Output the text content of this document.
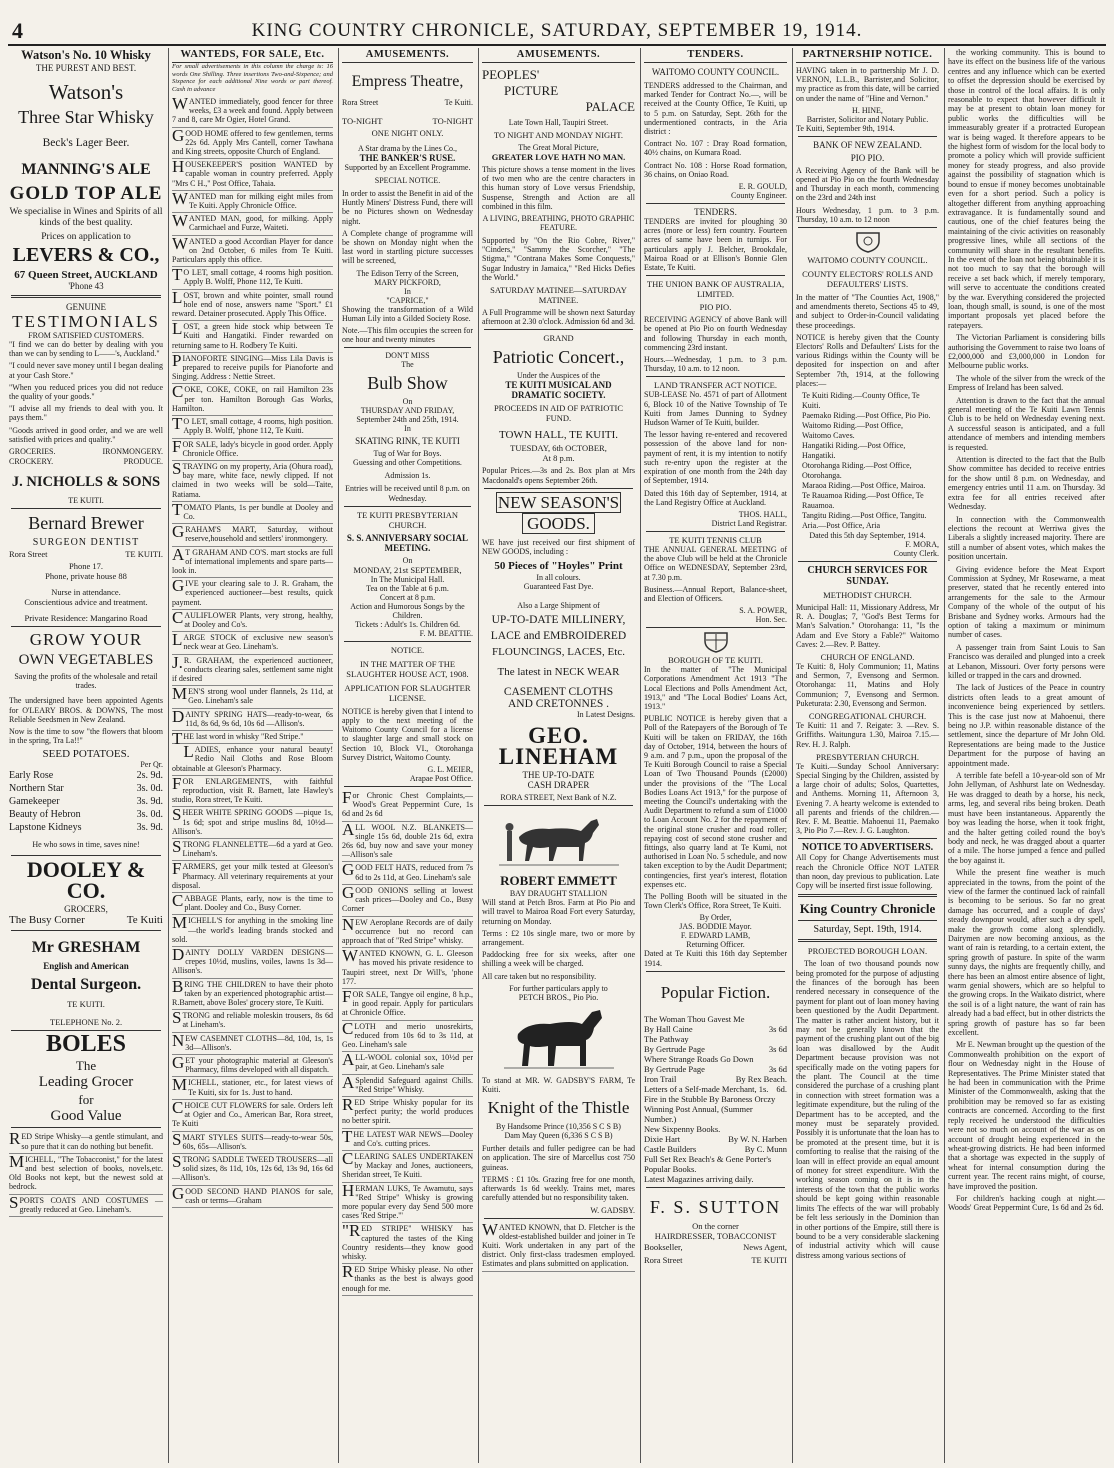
4	KING COUNTRY CHRONICLE, SATURDAY, SEPTEMBER 19, 1914.
Watson's No. 10 Whisky
THE PUREST AND BEST.
Watson's
Three Star Whisky
Beck's Lager Beer.
MANNING'S ALE
GOLD TOP ALE

We specialise in Wines and Spirits of all kinds of the best quality.

Prices on application to
LEVERS & CO.,
67 Queen Street, AUCKLAND
'Phone 43
GENUINE
TESTIMONIALS
FROM SATISFIED CUSTOMERS.

"I find we can do better by dealing with you than we can by sending to L——'s, Auckland."

"I could never save money until I began dealing at your Cash Store."

"When you reduced prices you did not reduce the quality of your goods."

"I advise all my friends to deal with you. It pays them."

"Goods arrived in good order, and we are well satisfied with prices and quality."

GROCERIES.	IRONMONGERY.
CROCKERY.	PRODUCE.
J. NICHOLLS & SONS
TE KUITI.
Bernard Brewer
SURGEON DENTIST
Rora Street	TE KUITI.
Phone 17.
Phone, private house 88
Nurse in attendance.
Conscientious advice and treatment.
Private Residence: Mangarino Road
GROW YOUR
OWN VEGETABLES

Saving the profits of the wholesale and retail trades.

The undersigned have been appointed Agents for O'LEARY BROS. & DOWNS, The most Reliable Seedsmen in New Zealand.

Now is the time to sow "the flowers that bloom in the spring, Tra La!!"

SEED POTATOES.
Per Qr.
Early Rose	2s. 9d.
Northern Star	3s. 0d.
Gamekeeper	3s. 9d.
Beauty of Hebron	3s. 0d.
Lapstone Kidneys	3s. 9d.
He who sows in time, saves nine!
DOOLEY & CO.
GROCERS,
The Busy Corner	Te Kuiti
Mr GRESHAM
English and American
Dental Surgeon.
TE KUITI.
TELEPHONE No. 2.
BOLES
The
Leading Grocer
for
Good Value

RED Stripe Whisky—a gentle stimulant, and so pure that it can do nothing but benefit.

MICHELL, "The Tobacconist," for the latest and best selection of books, novels,etc. Old Books not kept, but the newest sold at bedrock.

SPORTS COATS AND COSTUMES —greatly reduced at Geo. Lineham's.

WANTEDS, FOR SALE, Etc.

For small advertisements in this column the charge is: 16 words One Shilling. Three insertions Two-and-Sixpence; and Sixpence for each additional Nine words or part thereof. Cash in advance

WANTED immediately, good fencer for three weeks, £3 a week and found. Apply between 7 and 8, care Mr Ogier, Hotel Grand.

GOOD HOME offered to few gentlemen, terms 22s 6d. Apply Mrs Cantell, corner Tawhana and King streets, opposite Church of England.

HOUSEKEEPER'S position WANTED by capable woman in country preferred. Apply "Mrs C H.," Post Office, Tahaia.

WANTED man for milking eight miles from Te Kuiti. Apply Chronicle Office.

WANTED MAN, good, for milking. Apply Carmichael and Furze, Waiteti.

WANTED a good Accordian Player for dance on 2nd October, 6 miles from Te Kuiti. Particulars apply this office.

TO LET, small cottage, 4 rooms high position. Apply B. Wolff, Phone 112, Te Kuiti.

LOST, brown and white pointer, small round hole end of nose, answers name "Sport." £1 reward. Detainer prosecuted. Apply This Office.

LOST, a green hide stock whip between Te Kuiti and Hangatiki. Finder rewarded on returning same to H. Rodbery Te Kuiti.

PIANOFORTE SINGING—Miss Lila Davis is prepared to receive pupils for Pianoforte and Singing. Address : Nettie Street.

COKE, COKE, COKE, on rail Hamilton 23s per ton. Hamilton Borough Gas Works, Hamilton.

TO LET, small cottage, 4 rooms, high position. Apply B. Wolff, 'phone 112, Te Kuiti.

FOR SALE, lady's bicycle in good order. Apply Chronicle Office.

STRAYING on my property, Aria (Ohura road), bay mare, white face, newly clipped. If not claimed in two weeks will be sold—Taite, Ratiama.

TOMATO Plants, 1s per bundle at Dooley and Co.

GRAHAM'S MART, Saturday, without reserve,household and settlers' ironmongery.

AT GRAHAM AND CO'S. mart stocks are full of international implements and spare parts—look in.

GIVE your clearing sale to J. R. Graham, the experienced auctioneer—best results, quick payment.

CAULIFLOWER Plants, very strong, healthy, at Dooley and Co's.

LARGE STOCK of exclusive new season's neck wear at Geo. Lineham's.

J.R. GRAHAM, the experienced auctioneer, conducts clearing sales, settlement same night if desired

MEN'S strong wool under flannels, 2s 11d, at Geo. Lineham's sale

DAINTY SPRING HATS—ready-to-wear, 6s 11d, 8s 6d, 9s 6d, 10s 6d —Allison's.

THE last word in whisky "Red Stripe."

LADIES, enhance your natural beauty! Redio Nail Cloths and Rose Bloom obtainable at Gleeson's Pharmacy.

FOR ENLARGEMENTS, with faithful reproduction, visit R. Barnett, late Hawley's studio, Rora street, Te Kuiti.

SHEER WHITE SPRING GOODS —pique 1s, 1s 6d; spot and stripe muslins 8d, 10½d—Allison's.

STRONG FLANNELETTE—6d a yard at Geo. Lineham's.

FARMERS, get your milk tested at Gleeson's Pharmacy. All veterinary requirements at your disposal.

CABBAGE Plants, early, now is the time to plant. Dooley and Co., Busy Corner.

MICHELL'S for anything in the smoking line—the world's leading brands stocked and sold.

DAINTY DOLLY VARDEN DESIGNS—crepes 10½d, muslins, voiles, lawns 1s 3d—Allison's.

BRING THE CHILDREN to have their photo taken by an experienced photographic artist—R.Barnett, above Boles' grocery store, Te Kuiti.

STRONG and reliable moleskin trousers, 8s 6d at Lineham's.

NEW CASEMNET CLOTHS—8d, 10d, 1s, 1s 3d—Allison's.

GET your photographic material at Gleeson's Pharmacy, films developed with all dispatch.

MICHELL, stationer, etc., for latest views of Te Kuiti, six for 1s. Just to hand.

CHOICE CUT FLOWERS for sale. Orders left at Ogier and Co., American Bar, Rora street, Te Kuiti

SMART STYLES SUITS—ready-to-wear 50s, 60s, 65s—Allison's.

STRONG SADDLE TWEED TROUSERS—all solid sizes, 8s 11d, 10s, 12s 6d, 13s 9d, 16s 6d—Allison's.

GOOD SECOND HAND PIANOS for sale, cash or terms—Graham

AMUSEMENTS.
Empress Theatre,
Rora Street	Te Kuiti.
TO-NIGHT	TO-NIGHT
ONE NIGHT ONLY.
A Star drama by the Lines Co.,
THE BANKER'S RUSE.
Supported by an Excellent Programme.
SPECIAL NOTICE.

In order to assist the Benefit in aid of the Huntly Miners' Distress Fund, there will be no Pictures shown on Wednesday night.

A Complete change of programme will be shown on Monday night when the last word in startling picture successes will be screened,

The Edison Terry of the Screen,
MARY PICKFORD,
In
"CAPRICE,"

Showing the transformation of a Wild Human Lily into a Gilded Society Rose.

Note.—This film occupies the screen for one hour and twenty minutes

DON'T MISS
The
Bulb Show
On
THURSDAY AND FRIDAY,
September 24th and 25th, 1914.
In
SKATING RINK, TE KUITI
Tug of War for Boys.
Guessing and other Competitions.
Admission 1s.

Entries will be received until 8 p.m. on Wednesday.

TE KUITI PRESBYTERIAN CHURCH.
S. S. ANNIVERSARY SOCIAL MEETING.
On
MONDAY, 21st SEPTEMBER,
In The Municipal Hall.
Tea on the Table at 6 p.m.
Concert at 8 p.m.
Action and Humorous Songs by the Children.
Tickets : Adult's 1s. Children 6d.
F. M. BEATTIE.
NOTICE.
IN THE MATTER OF THE SLAUGHTER HOUSE ACT, 1908.
APPLICATION FOR SLAUGHTER LICENSE.

NOTICE is hereby given that I intend to apply to the next meeting of the Waitomo County Council for a license to slaughter large and small stock on Section 10, Block VI., Otorohanga Survey District, Waitomo County.

G. L. MEIER,
Arapae Post Office.

For Chronic Chest Complaints,—Wood's Great Peppermint Cure, 1s 6d and 2s 6d

ALL WOOL N.Z. BLANKETS—single 15s 6d, double 21s 6d, extra 26s 6d, buy now and save your money —Allison's sale

GOOD FELT HATS, reduced from 7s 6d to 2s 11d, at Geo. Lineham's sale

GOOD ONIONS selling at lowest cash prices—Dooley and Co., Busy Corner

NEW Aeroplane Records are of daily occurrence but no record can approach that of "Red Stripe" whisky.

WANTED KNOWN, G. L. Gleeson has moved his private residence to Taupiri street, next Dr Will's, 'phone 177.

FOR SALE, Tangye oil engine, 8 h.p., in good repair. Apply for particulars at Chronicle Office.

CLOTH and merio unosrekirts, reduced from 10s 6d to 3s 11d, at Geo. Lineham's sale

ALL-WOOL colonial sox, 10½d per pair, at Geo. Lineham's sale

ASplendid Safeguard against Chills. "Red Stripe" Whisky.

RED Stripe Whisky popular for its perfect purity; the world produces no better spirit.

THE LATEST WAR NEWS—Dooley and Co's. cutting prices.

CLEARING SALES UNDERTAKEN by Mackay and Jones, auctioneers, Sheridan street, Te Kuiti.

HERMAN LUKS, Te Awamutu, says "Red Stripe" Whisky is growing more popular every day Send 500 more cases 'Red Stripe.'"

"RED STRIPE" WHISKY has captured the tastes of the King Country residents—they know good whisky.

RED Stripe Whisky please. No other thanks as the best is always good enough for me.

AMUSEMENTS.
PEOPLES'
PICTURE
PALACE
Late Town Hall, Taupiri Street.
TO NIGHT AND MONDAY NIGHT.
The Great Moral Picture,
GREATER LOVE HATH NO MAN.

This picture shows a tense moment in the lives of two men who are the centre characters in this human story of Love versus Friendship, Suspense, Strength and Action are all combined in this film.

A LIVING, BREATHING, PHOTO GRAPHIC FEATURE.

Supported by "On the Rio Cobre, River," "Cinders," "Sammy the Scorcher," "The Stigma," "Contrana Makes Some Conquests," Sugar Industry in Jamaica," "Red Hicks Defies the World."

SATURDAY MATINEE—SATURDAY MATINEE.

A Full Programme will be shown next Saturday afternoon at 2.30 o'clock. Admission 6d and 3d.

GRAND
Patriotic Concert.,
Under the Auspices of the
TE KUITI MUSICAL AND DRAMATIC SOCIETY.
PROCEEDS IN AID OF PATRIOTIC FUND.
TOWN HALL, TE KUITI.
TUESDAY, 6th OCTOBER,
At 8 p.m.

Popular Prices.—3s and 2s. Box plan at Mrs Macdonald's opens September 26th.

NEW SEASON'S
GOODS.

WE have just received our first shipment of NEW GOODS, including :

50 Pieces of "Hoyles" Print
In all colours.
Guaranteed Fast Dye.
Also a Large Shipment of
UP-TO-DATE MILLINERY,
LACE and EMBROIDERED
FLOUNCINGS, LACES, Etc.
The latest in NECK WEAR
CASEMENT CLOTHS
AND CRETONNES .
In Latest Designs.
GEO. LINEHAM
THE UP-TO-DATE
CASH DRAPER
RORA STREET, Next Bank of N.Z.
ROBERT EMMETT
BAY DRAUGHT STALLION

Will stand at Petch Bros. Farm at Pio Pio and will travel to Mairoa Road Fort every Saturday, returning on Monday.

Terms : £2 10s single mare, two or more by arrangement.

Paddocking free for six weeks, after one shilling a week will be charged.

All care taken but no responsibility.

For further particulars apply to
PETCH BROS., Pio Pio.

To stand at MR. W. GADSBY'S FARM, Te Kuiti.

Knight of the Thistle
By Handsome Prince (10,356 S C S B)
Dam May Queen (6,336 S C S B)

Further details and fuller pedigree can be had on application. The sire of Marcellus cost 750 guineas.

TERMS : £1 10s. Grazing free for one month, afterwards 1s 6d weekly. Trains met, mares carefully attended but no responsibility taken.

W. GADSBY.

WANTED KNOWN, that D. Fletcher is the oldest-established builder and joiner in Te Kuiti. Work undertaken in any part of the district. Only first-class tradesmen employed. Estimates and plans submitted on application.

TENDERS.
WAITOMO COUNTY COUNCIL.

TENDERS addressed to the Chairman, and marked Tender for Contract No.—, will be received at the County Office, Te Kuiti, up to 5 p.m. on Saturday, Sept. 26th for the undermentioned contracts, in the Aria district :

Contract No. 107 : Dray Road formation, 40½ chains, on Kumara Road.

Contract No. 108 : Horse Road formation, 36 chains, on Oniao Road.

E. R. GOULD,
County Engineer.
TENDERS.

TENDERS are invited for ploughing 30 acres (more or less) fern country. Fourteen acres of same have been in turnips. For particulars apply J. Belcher, Brookdale, Mairoa Road or at Ellison's Bonnie Glen Estate, Te Kuiti.

THE UNION BANK OF AUSTRALIA, LIMITED.
PIO PIO.

RECEIVING AGENCY of above Bank will be opened at Pio Pio on fourth Wednesday and following Thursday in each month, commencing 23rd instant.

Hours.—Wednesday, 1 p.m. to 3 p.m. Thursday, 10 a.m. to 12 noon.

LAND TRANSFER ACT NOTICE.

SUB-LEASE No. 4571 of part of Allotment 6, Block 10 of the Native Township of Te Kuiti from James Dunning to Sydney Hudson Warner of Te Kuiti, builder.

The lessor having re-entered and recovered possession of the above land for non-payment of rent, it is my intention to notify such re-entry upon the register at the expiration of one month from the 24th day of September, 1914.

Dated this 16th day of September, 1914, at the Land Registry Office at Auckland.

THOS. HALL,
District Land Registrar.
TE KUITI TENNIS CLUB

THE ANNUAL GENERAL MEETING of the above Club will be held at the Chronicle Office on WEDNESDAY, September 23rd, at 7.30 p.m.

Business.—Annual Report, Balance-sheet, and Election of Officers.

S. A. POWER,
Hon. Sec.
BOROUGH OF TE KUITI.

In the matter of "The Municipal Corporations Amendment Act 1913 "The Local Elections and Polls Amendment Act, 1913," and "The Local Bodies' Loans Act, 1913."

PUBLIC NOTICE is hereby given that a Poll of the Ratepayers of the Borough of Te Kuiti will be taken on FRIDAY, the 16th day of October, 1914, between the hours of 9 a.m. and 7 p.m., upon the proposal of the Te Kuiti Borough Council to raise a Special Loan of Two Thousand Pounds (£2000) under the provisions of the "The Local Bodies Loans Act 1913," for the purpose of meeting the Council's undertaking with the Audit Department to refund a sum of £1000 to Loan Account No. 2 for the repayment of the original stone crusher and road roller; repaying cost of second stone crusher and fittings, also quarry land at Te Kumi, not authorised in Loan No. 5 schedule, and now taken exception to by the Audit Department; contingencies, first year's interest, flotation expenses etc.

The Polling Booth will be situated in the Town Clerk's Office, Rora Street, Te Kuiti.

By Order,
JAS. BODDIE Mayor.
F. EDWARD LAMB,
Returning Officer.

Dated at Te Kuiti this 16th day September 1914.

Popular Fiction.
The Woman Thou Gavest Me
By Hall Caine	3s 6d
The Pathway
By Gertrude Page	3s 6d
Where Strange Roads Go Down
By Gertrude Page	3s 6d
Iron Trail	By Rex Beach.
Letters of a Self-made Merchant, 1s. 6d.
Fire in the Stubble By Baroness Orczy
Winning Post Annual, (Summer Number.)
New Sixpenny Books.
Dixie Hart	By W. N. Harben
Castle Builders	By C. Munn
Full Set Rex Beach's & Gene Porter's
Popular Books.
Latest Magazines arriving daily.
F. S. SUTTON
On the corner
HAIRDRESSER, TOBACCONIST
Bookseller,	News Agent,
Rora Street	TE KUITI
PARTNERSHIP NOTICE.

HAVING taken in to partnership Mr J. D. VERNON, L.L.B., Barrister,and Solicitor, my practice as from this date, will be carried on under the name of "Hine and Vernon."

H. HINE,
Barrister, Solicitor and Notary Public.
Te Kuiti, September 9th, 1914.
BANK OF NEW ZEALAND.
PIO PIO.

A Receiving Agency of the Bank will be opened at Pio Pio on the fourth Wednesday and Thursday in each month, commencing on the 23rd and 24th inst

Hours Wednesday, 1 p.m. to 3 p.m. Thursday, 10 a.m. to 12 noon

WAITOMO COUNTY COUNCIL.
COUNTY ELECTORS' ROLLS AND DEFAULTERS' LISTS.

In the matter of "The Counties Act, 1908," and amendments thereto, Sections 45 to 49, and subject to Order-in-Council validating these proceedings.

NOTICE is hereby given that the County Electors' Rolls and Defaulters' Lists for the various Ridings within the County will be deposited for inspection on and after September 7th, 1914, at the following places:—

Te Kuiti Riding.—County Office, Te Kuiti.
Paemako Riding.—Post Office, Pio Pio.
Waitomo Riding.—Post Office, Waitomo Caves.
Hangatiki Riding.—Post Office, Hangatiki.
Otorohanga Riding.—Post Office, Otorohanga.
Maraoa Riding.—Post Office, Mairoa.
Te Rauamoa Riding.—Post Office, Te Rauamoa.
Tangitu Riding.—Post Office, Tangitu.
Aria.—Post Office, Aria
Dated this 5th day September, 1914.
F. MORA,
County Clerk.
CHURCH SERVICES FOR SUNDAY.
METHODIST CHURCH.

Municipal Hall: 11, Missionary Address, Mr R. A. Douglas; 7, "God's Best Terms for Man's Salvation." Otorohanga: 11, "Is the Adam and Eve Story a Fable?" Waitomo Caves: 2.—Rev. P. Battey.

CHURCH OF ENGLAND.

Te Kuiti: 8, Holy Communion; 11, Matins and Sermon, 7, Evensong and Sermon. Otorohanga: 11, Matins and Holy Communion; 7, Evensong and Sermon. Puketurata: 2.30, Evensong and Sermon.

CONGREGATIONAL CHURCH.

Te Kuiti: 11 and 7. Reigate: 3. —Rev. S. Griffiths. Waitungura 1.30, Mairoa 7.15.—Rev. H. J. Ralph.

PRESBYTERIAN CHURCH.

Te Kuiti.—Sunday School Anniversary: Special Singing by the Children, assisted by a large choir of adults; Solos, Quartettes, and Anthems. Morning 11, Afternoon 3, Evening 7. A hearty welcome is extended to all parents and friends of the children.—Rev. F. M. Beattie. Mahoenui 11, Paemako 3, Pio Pio 7.—Rev. J. G. Laughton.

NOTICE TO ADVERTISERS.

All Copy for Change Advertisements must reach the Chronicle Office NOT LATER than noon, day previous to publication. Late Copy will be inserted first issue following.

King Country Chronicle
Saturday, Sept. 19th, 1914.
PROJECTED BOROUGH LOAN.

The loan of two thousand pounds now being promoted for the purpose of adjusting the finances of the borough has been rendered necessary in consequence of the payment for plant out of loan money having been questioned by the Audit Department. The matter is rather ancient history, but it may not be generally known that the payment of the crushing plant out of the big loan was disallowed by the Audit Department because provision was not specifically made on the voting papers for the plant. The Council at the time considered the purchase of a crushing plant in connection with street formation was a legitimate expenditure, but the ruling of the Department has to be accepted, and the money must be separately provided. Possibly it is unfortunate that the loan has to be promoted at the present time, but it is comforting to realise that the raising of the loan will in effect provide an equal amount of money for street expenditure. With the working season coming on it is in the interests of the town that the public works should be kept going within reasonable limits The effects of the war will probably be felt less seriously in the Dominion than in other portions of the Empire, still there is bound to be a very considerable slackening of industrial activity which will cause distress among various sections of

the working community. This is bound to have its effect on the business life of the various centres and any influence which can be exerted to offset the depression should be exercised by those in control of the local affairs. It is only reasonable to expect that however difficult it may be at present to obtain loan money for public works the difficulties will be immeasurably greater if a protracted European war is being waged. It therefore appears to be the highest form of wisdom for the local body to promote a policy which will provide sufficient money for steady progress, and also provide against the possibility of stagnation which is bound to ensue if money becomes unobtainable even for a short period. Such a policy is altogether different from anything approaching extravagance. It is fundamentally sound and cautious, one of the chief features being the maintaining of the civic activities on reasonably progressive lines, while all sections of the community will share in the resultant benefits. In the event of the loan not being obtainable it is not too much to say that the borough will receive a set back which, if merely temporary, will serve to accentuate the conditions created by the war. Everything considered the projected loan, though small, is sound, is one of the most important proposals yet placed before the ratepayers.

The Victorian Parliament is considering bills authorising the Government to raise two loans of £2,000,000 and £3,000,000 in London for Melbourne public works.

The whole of the silver from the wreck of the Empress of Ireland has been salved.

Attention is drawn to the fact that the annual general meeting of the Te Kuiti Lawn Tennis Club is to be held on Wednesday evening next. A successful season is anticipated, and a full attendance of members and intending members is requested.

Attention is directed to the fact that the Bulb Show committee has decided to receive entries for the show until 8 p.m. on Wednesday, and emergency entries until 11 a.m. on Thursday. 3d extra fee for all entries received after Wednesday.

In connection with the Commonwealth elections the recount at Werriwa gives the Liberals a slightly increased majority. There are still a number of absent votes, which makes the position uncertain.

Giving evidence before the Meat Export Commission at Sydney, Mr Rosewarne, a meat preserver, stated that he recently entered into arrangements for the sale to the Armour Company of the whole of the output of his Brisbane and Sydney works. Armours had the option of taking a maximum or minimum number of cases.

A passenger train from Saint Louis to San Francisco was derailed and plunged into a creek at Lebanon, Missouri. Over forty persons were killed or trapped in the cars and drowned.

The lack of Justices of the Peace in country districts often leads to a great amount of inconvenience being experienced by settlers. This is the case just now at Mahoenui, there being no J.P. within reasonable distance of the settlement, since the departure of Mr John Old. Representations are being made to the Justice Department for the purpose of having an appointment made.

A terrible fate befell a 10-year-old son of Mr John Jellyman, of Ashhurst late on Wednesday. He was dragged to death by a horse, his neck, arms, leg, and several ribs being broken. Death must have been instantaneous. Apparently the boy was leading the horse, when it took fright, and the halter getting coiled round the boy's body and neck, he was dragged about a quarter of a mile. The horse jumped a fence and pulled the boy against it.

While the present fine weather is much appreciated in the towns, from the point of the view of the farmer the continued lack of rainfall is becoming to be serious. So far no great damage has occurred, and a couple of days' steady downpour would, after such a dry spell, make the growth come along splendidly. Dairymen are now becoming anxious, as the want of rain is retarding, to a certain extent, the spring growth of pasture. In spite of the warm sunny days, the nights are frequently chilly, and there has been an almost entire absence of light, warm genial showers, which are so helpful to the growing crops. In the Waikato district, where the soil is of a light nature, the want of rain has already had a bad effect, but in other districts the spring growth of pasture has so far been excellent.

Mr E. Newman brought up the question of the Commonwealth prohibition on the export of flour on Wednesday night in the House of Representatives. The Prime Minister stated that he had been in communication with the Prime Minister of the Commonwealth, asking that the prohibition may be removed so far as existing contracts are concerned. According to the first reply received he understood the difficulties were not so much on account of the war as on account of drought being experienced in the wheat-growing districts. He had been informed that a shortage was expected in the supply of wheat for internal consumption during the current year. The recent rains might, of course, have improved the position.

For children's hacking cough at night.—Woods' Great Peppermint Cure, 1s 6d and 2s 6d.
